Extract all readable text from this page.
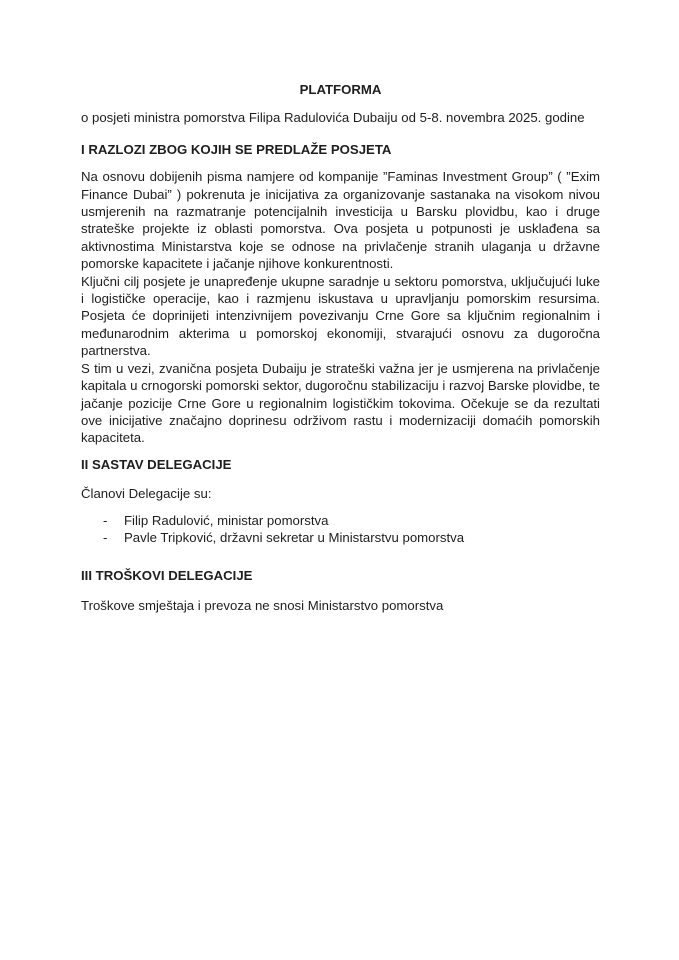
PLATFORMA

o posjeti ministra pomorstva Filipa Radulovića Dubaiju od 5-8. novembra 2025. godine

I RAZLOZI ZBOG KOJIH SE PREDLAŽE POSJETA

Na osnovu dobijenih pisma namjere od kompanije ”Faminas Investment Group” ( ”Exim Finance Dubai” ) pokrenuta je inicijativa za organizovanje sastanaka na visokom nivou usmjerenih na razmatranje potencijalnih investicija u Barsku plovidbu, kao i druge strateške projekte iz oblasti pomorstva. Ova posjeta u potpunosti je usklađena sa aktivnostima Ministarstva koje se odnose na privlačenje stranih ulaganja u državne pomorske kapacitete i jačanje njihove konkurentnosti.

Ključni cilj posjete je unapređenje ukupne saradnje u sektoru pomorstva, uključujući luke i logističke operacije, kao i razmjenu iskustava u upravljanju pomorskim resursima. Posjeta će doprinijeti intenzivnijem povezivanju Crne Gore sa ključnim regionalnim i međunarodnim akterima u pomorskoj ekonomiji, stvarajući osnovu za dugoročna partnerstva.

S tim u vezi, zvanična posjeta Dubaiju je strateški važna jer je usmjerena na privlačenje kapitala u crnogorski pomorski sektor, dugoročnu stabilizaciju i razvoj Barske plovidbe, te jačanje pozicije Crne Gore u regionalnim logističkim tokovima. Očekuje se da rezultati ove inicijative značajno doprinesu održivom rastu i modernizaciji domaćih pomorskih kapaciteta.

II SASTAV DELEGACIJE

Članovi Delegacije su:

-	Filip Radulović, ministar pomorstva
-	Pavle Tripković, državni sekretar u Ministarstvu pomorstva

III TROŠKOVI DELEGACIJE

Troškove smještaja i prevoza ne snosi Ministarstvo pomorstva
